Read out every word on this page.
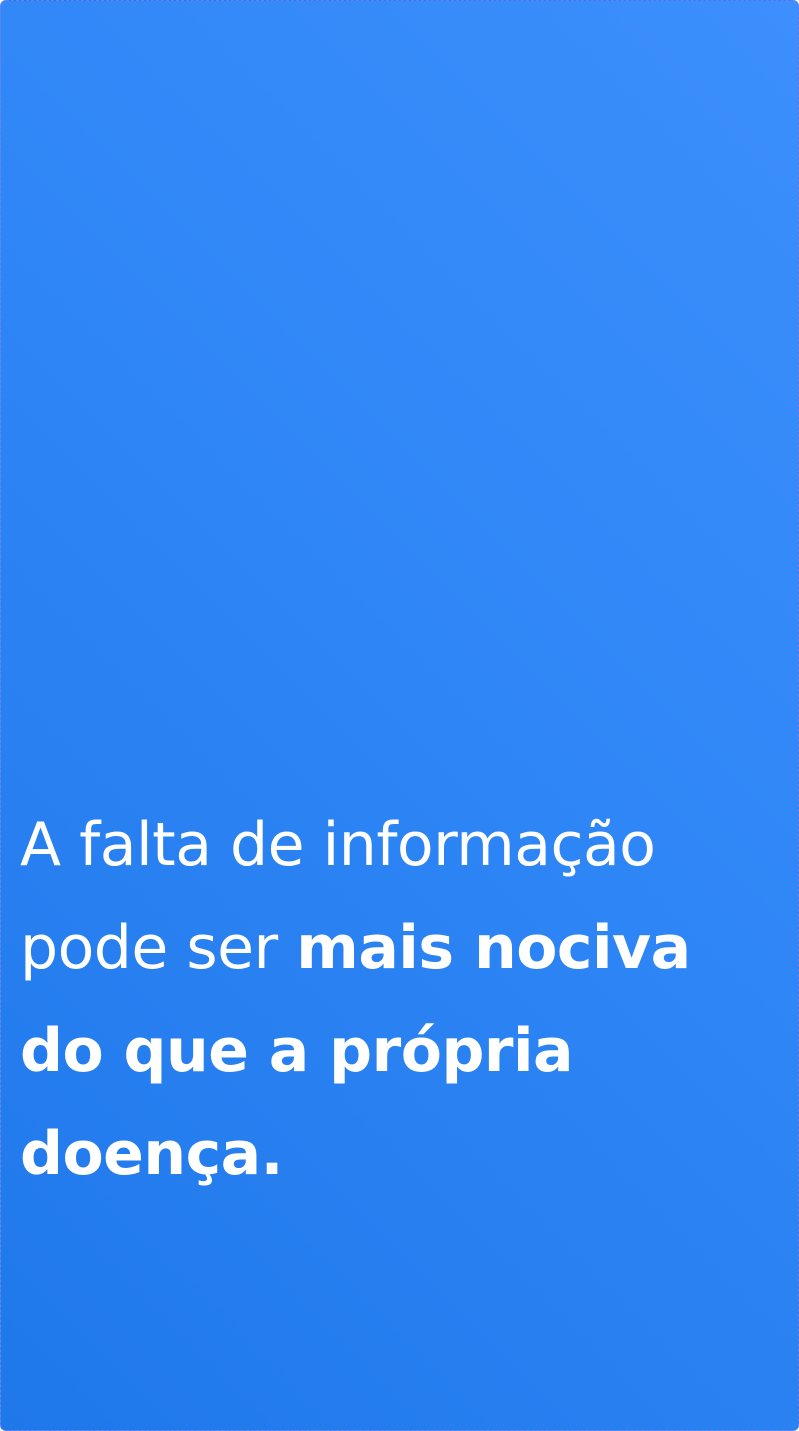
A falta de informação pode ser mais nociva do que a própria doença.
